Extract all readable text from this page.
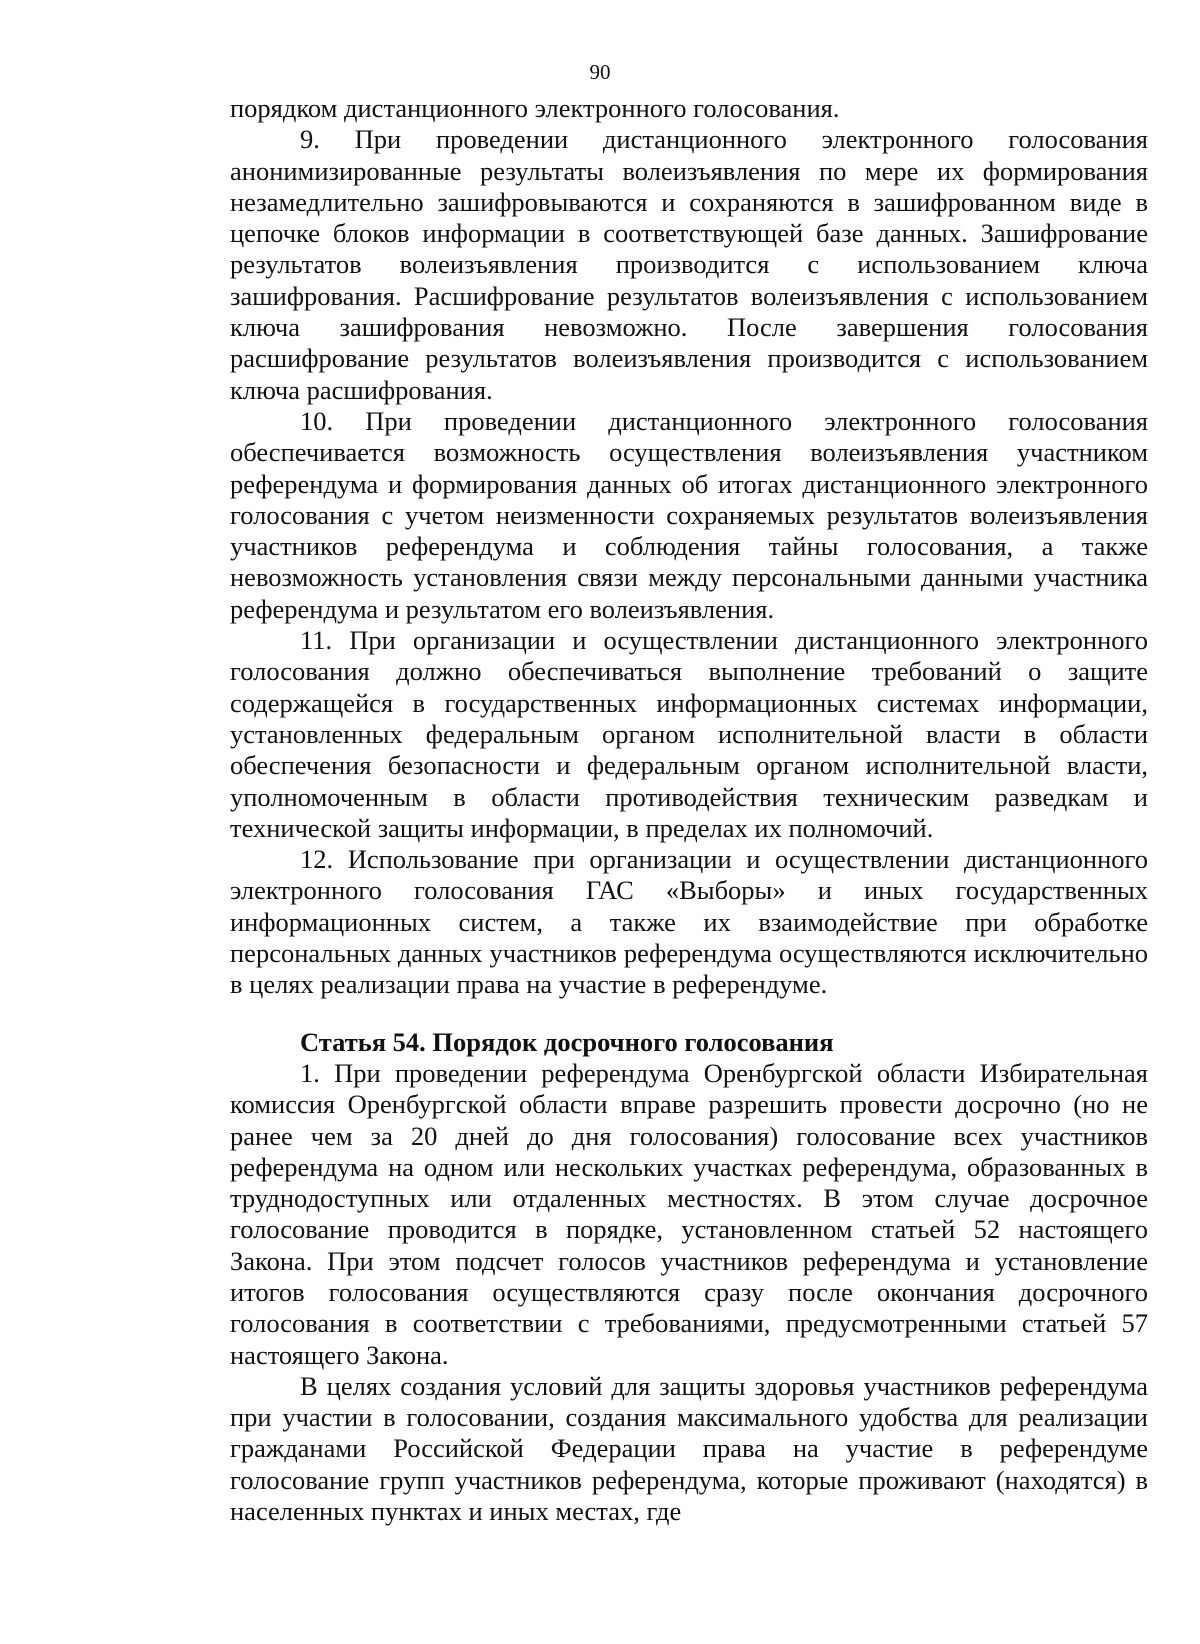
90

порядком дистанционного электронного голосования.

9. При проведении дистанционного электронного голосования анонимизированные результаты волеизъявления по мере их формирования незамедлительно зашифровываются и сохраняются в зашифрованном виде в цепочке блоков информации в соответствующей базе данных. Зашифрование результатов волеизъявления производится с использованием ключа зашифрования. Расшифрование результатов волеизъявления с использованием ключа зашифрования невозможно. После завершения голосования расшифрование результатов волеизъявления производится с использованием ключа расшифрования.

10. При проведении дистанционного электронного голосования обеспечивается возможность осуществления волеизъявления участником референдума и формирования данных об итогах дистанционного электронного голосования с учетом неизменности сохраняемых результатов волеизъявления участников референдума и соблюдения тайны голосования, а также невозможность установления связи между персональными данными участника референдума и результатом его волеизъявления.

11. При организации и осуществлении дистанционного электронного голосования должно обеспечиваться выполнение требований о защите содержащейся в государственных информационных системах информации, установленных федеральным органом исполнительной власти в области обеспечения безопасности и федеральным органом исполнительной власти, уполномоченным в области противодействия техническим разведкам и технической защиты информации, в пределах их полномочий.

12. Использование при организации и осуществлении дистанционного электронного голосования ГАС «Выборы» и иных государственных информационных систем, а также их взаимодействие при обработке персональных данных участников референдума осуществляются исключительно в целях реализации права на участие в референдуме.

Статья 54. Порядок досрочного голосования

1. При проведении референдума Оренбургской области Избирательная комиссия Оренбургской области вправе разрешить провести досрочно (но не ранее чем за 20 дней до дня голосования) голосование всех участников референдума на одном или нескольких участках референдума, образованных в труднодоступных или отдаленных местностях. В этом случае досрочное голосование проводится в порядке, установленном статьей 52 настоящего Закона. При этом подсчет голосов участников референдума и установление итогов голосования осуществляются сразу после окончания досрочного голосования в соответствии с требованиями, предусмотренными статьей 57 настоящего Закона.

В целях создания условий для защиты здоровья участников референдума при участии в голосовании, создания максимального удобства для реализации гражданами Российской Федерации права на участие в референдуме голосование групп участников референдума, которые проживают (находятся) в населенных пунктах и иных местах, где
